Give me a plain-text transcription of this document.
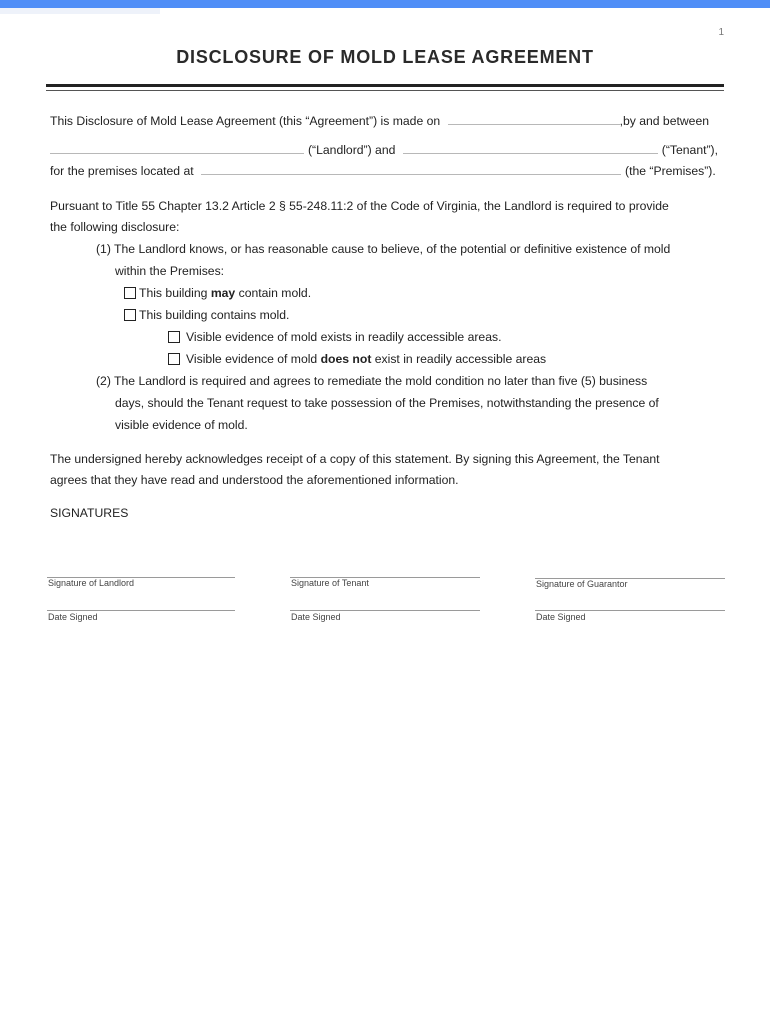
1
DISCLOSURE OF MOLD LEASE AGREEMENT
This Disclosure of Mold Lease Agreement (this “Agreement”) is made on	,by and between
(“Landlord”) and	(“Tenant”),
for the premises located at	(the “Premises”).
Pursuant to Title 55 Chapter 13.2 Article 2 § 55-248.11:2 of the Code of Virginia, the Landlord is required to provide
the following disclosure:
(1) The Landlord knows, or has reasonable cause to believe, of the potential or definitive existence of mold
within the Premises:
This building may contain mold.
This building contains mold.
Visible evidence of mold exists in readily accessible areas.
Visible evidence of mold does not exist in readily accessible areas
(2) The Landlord is required and agrees to remediate the mold condition no later than five (5) business
days, should the Tenant request to take possession of the Premises, notwithstanding the presence of
visible evidence of mold.
The undersigned hereby acknowledges receipt of a copy of this statement. By signing this Agreement, the Tenant
agrees that they have read and understood the aforementioned information.
SIGNATURES
Signature of Landlord	Signature of Tenant	Signature of Guarantor
Date Signed	Date Signed	Date Signed
